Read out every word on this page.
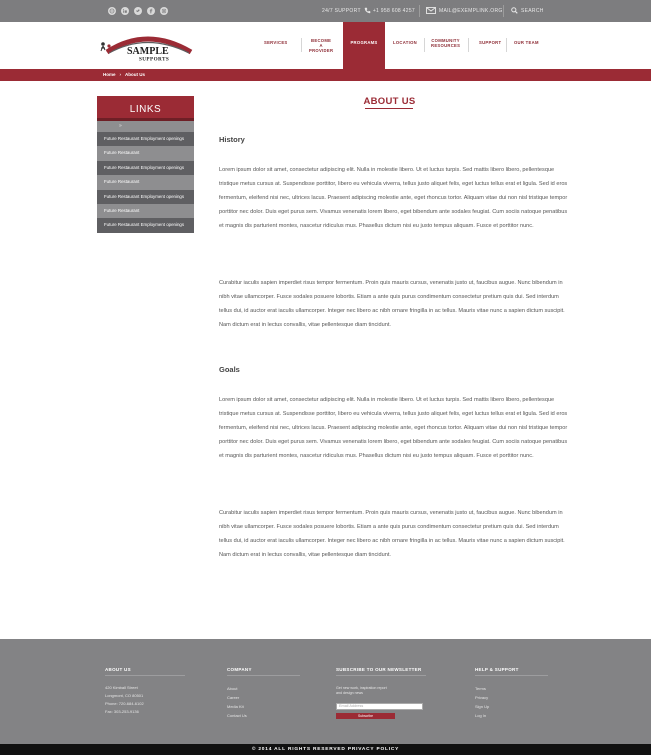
24/7 SUPPORT +1 958 608 4257	MAIL@EXEMPLINK.ORG	SEARCH
SAMPLE
SUPPORTS
SERVICES	BECOME A
PROVIDER
PROGRAMS	LOCATION	COMMUNITY
RESOURCES
SUPPORT	OUR TEAM
Home › About Us
LINKS
»
Future Restaurant Employment openings
Future Restaurant
Future Restaurant Employment openings
Future Restaurant
Future Restaurant Employment openings
Future Restaurant
Future Restaurant Employment openings
ABOUT US
History
Lorem ipsum dolor sit amet, consectetur adipiscing elit. Nulla in molestie libero. Ut et luctus turpis. Sed mattis libero libero, pellentesque tristique metus cursus at. Suspendisse porttitor, libero eu vehicula viverra, tellus justo aliquet felis, eget luctus tellus erat et ligula. Sed id eros fermentum, eleifend nisi nec, ultrices lacus. Praesent adipiscing molestie ante, eget rhoncus tortor. Aliquam vitae dui non nisl tristique tempor porttitor nec dolor. Duis eget purus sem. Vivamus venenatis lorem libero, eget bibendum ante sodales feugiat. Cum sociis natoque penatibus et magnis dis parturient montes, nascetur ridiculus mus. Phasellus dictum nisi eu justo tempus aliquam. Fusce et porttitor nunc.
Curabitur iaculis sapien imperdiet risus tempor fermentum. Proin quis mauris cursus, venenatis justo ut, faucibus augue. Nunc bibendum in nibh vitae ullamcorper. Fusce sodales posuere lobortis. Etiam a ante quis purus condimentum consectetur pretium quis dui. Sed interdum tellus dui, id auctor erat iaculis ullamcorper. Integer nec libero ac nibh ornare fringilla in ac tellus. Mauris vitae nunc a sapien dictum suscipit. Nam dictum erat in lectus convallis, vitae pellentesque diam tincidunt.
Goals
Lorem ipsum dolor sit amet, consectetur adipiscing elit. Nulla in molestie libero. Ut et luctus turpis. Sed mattis libero libero, pellentesque tristique metus cursus at. Suspendisse porttitor, libero eu vehicula viverra, tellus justo aliquet felis, eget luctus tellus erat et ligula. Sed id eros fermentum, eleifend nisi nec, ultrices lacus. Praesent adipiscing molestie ante, eget rhoncus tortor. Aliquam vitae dui non nisl tristique tempor porttitor nec dolor. Duis eget purus sem. Vivamus venenatis lorem libero, eget bibendum ante sodales feugiat. Cum sociis natoque penatibus et magnis dis parturient montes, nascetur ridiculus mus. Phasellus dictum nisi eu justo tempus aliquam. Fusce et porttitor nunc.
Curabitur iaculis sapien imperdiet risus tempor fermentum. Proin quis mauris cursus, venenatis justo ut, faucibus augue. Nunc bibendum in nibh vitae ullamcorper. Fusce sodales posuere lobortis. Etiam a ante quis purus condimentum consectetur pretium quis dui. Sed interdum tellus dui, id auctor erat iaculis ullamcorper. Integer nec libero ac nibh ornare fringilla in ac tellus. Mauris vitae nunc a sapien dictum suscipit. Nam dictum erat in lectus convallis, vitae pellentesque diam tincidunt.
ABOUT US
420 Kimball Street
Longmont, CO 80501
Phone: 720-684-6102
Fax: 303-253-9136
COMPANY
About
Career
Media Kit
Contact Us
SUBSCRIBE TO OUR NEWSLETTER
Get new work, inspiration report
and design news
Email Address
Subscribe
HELP & SUPPORT
Terms
Privacy
Sign Up
Log In
© 2014 ALL RIGHTS RESERVED PRIVACY POLICY
